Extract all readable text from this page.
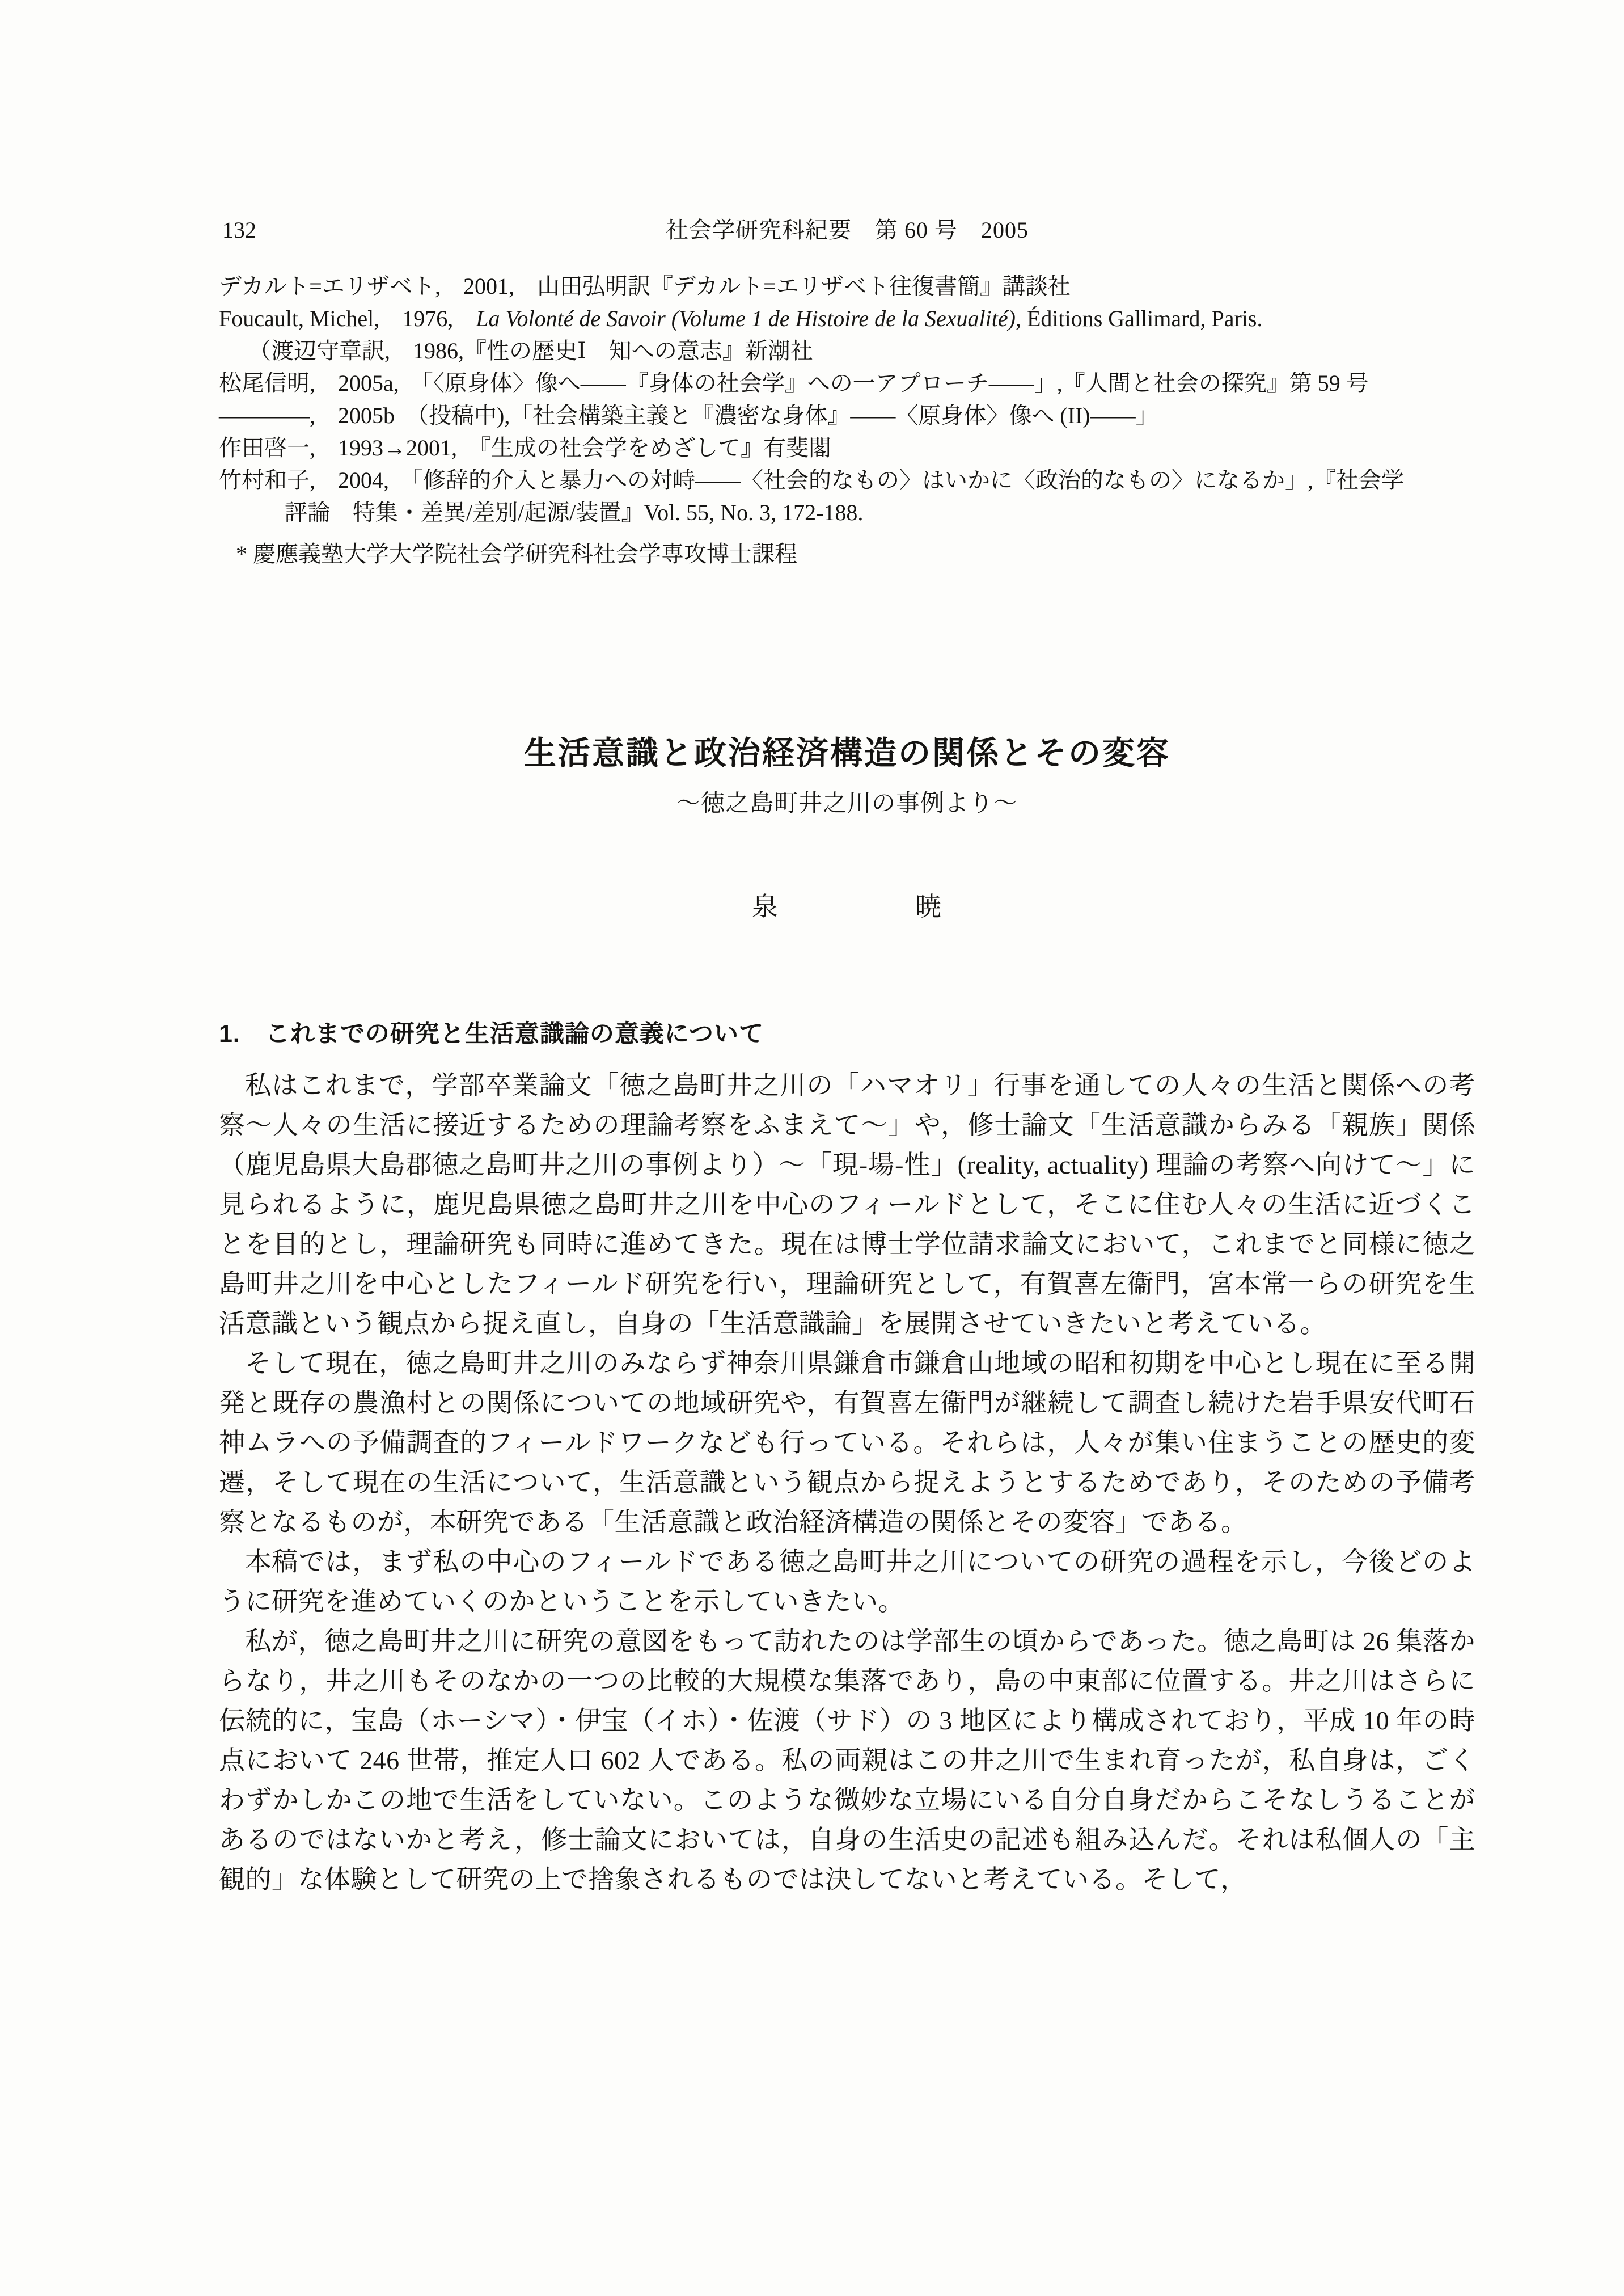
132	社会学研究科紀要　第 60 号　2005

デカルト=エリザベト,　2001,　山田弘明訳『デカルト=エリザベト往復書簡』講談社

Foucault, Michel,　1976,　La Volonté de Savoir (Volume 1 de Histoire de la Sexualité), Éditions Gallimard, Paris.

（渡辺守章訳,　1986,『性の歴史Ⅰ　知への意志』新潮社

松尾信明,　2005a,　「〈原身体〉像へ——『身体の社会学』への一アプローチ——」,『人間と社会の探究』第 59 号

————,　2005b　（投稿中),「社会構築主義と『濃密な身体』——〈原身体〉像へ (II)——」

作田啓一,　1993→2001,　『生成の社会学をめざして』有斐閣

竹村和子,　2004,　「修辞的介入と暴力への対峙——〈社会的なもの〉はいかに〈政治的なもの〉になるか」,『社会学

評論　特集・差異/差別/起源/装置』Vol. 55, No. 3, 172-188.

* 慶應義塾大学大学院社会学研究科社会学専攻博士課程

生活意識と政治経済構造の関係とその変容

～徳之島町井之川の事例より～

泉　　　　　暁

1.　これまでの研究と生活意識論の意義について

私はこれまで，学部卒業論文「徳之島町井之川の「ハマオリ」行事を通しての人々の生活と関係への考察～人々の生活に接近するための理論考察をふまえて～」や，修士論文「生活意識からみる「親族」関係（鹿児島県大島郡徳之島町井之川の事例より）～「現-場-性」(reality, actuality) 理論の考察へ向けて～」に見られるように，鹿児島県徳之島町井之川を中心のフィールドとして，そこに住む人々の生活に近づくことを目的とし，理論研究も同時に進めてきた。現在は博士学位請求論文において，これまでと同様に徳之島町井之川を中心としたフィールド研究を行い，理論研究として，有賀喜左衞門，宮本常一らの研究を生活意識という観点から捉え直し，自身の「生活意識論」を展開させていきたいと考えている。

そして現在，徳之島町井之川のみならず神奈川県鎌倉市鎌倉山地域の昭和初期を中心とし現在に至る開発と既存の農漁村との関係についての地域研究や，有賀喜左衞門が継続して調査し続けた岩手県安代町石神ムラへの予備調査的フィールドワークなども行っている。それらは，人々が集い住まうことの歴史的変遷，そして現在の生活について，生活意識という観点から捉えようとするためであり，そのための予備考察となるものが，本研究である「生活意識と政治経済構造の関係とその変容」である。

本稿では，まず私の中心のフィールドである徳之島町井之川についての研究の過程を示し，今後どのように研究を進めていくのかということを示していきたい。

私が，徳之島町井之川に研究の意図をもって訪れたのは学部生の頃からであった。徳之島町は 26 集落からなり，井之川もそのなかの一つの比較的大規模な集落であり，島の中東部に位置する。井之川はさらに伝統的に，宝島（ホーシマ）・伊宝（イホ）・佐渡（サド）の 3 地区により構成されており，平成 10 年の時点において 246 世帯，推定人口 602 人である。私の両親はこの井之川で生まれ育ったが，私自身は，ごくわずかしかこの地で生活をしていない。このような微妙な立場にいる自分自身だからこそなしうることがあるのではないかと考え，修士論文においては，自身の生活史の記述も組み込んだ。それは私個人の「主観的」な体験として研究の上で捨象されるものでは決してないと考えている。そして，
